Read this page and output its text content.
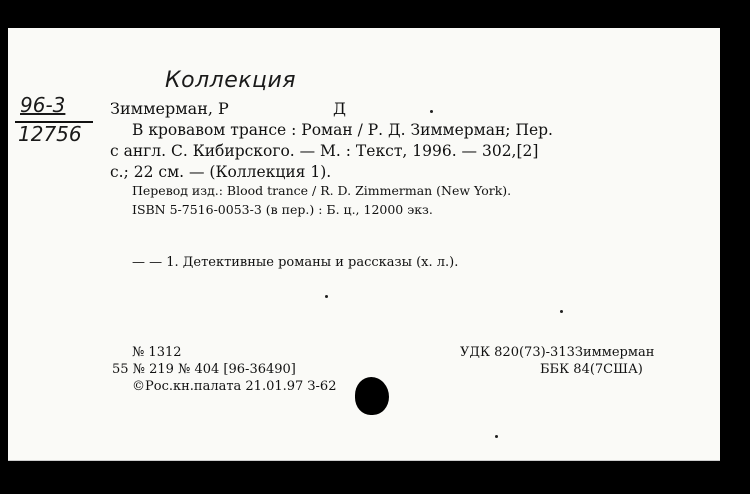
Коллекция
96-3
12756
Зиммерман, Р	Д
В кровавом трансе : Роман / Р. Д. Зиммерман; Пер.
с англ. С. Кибирского. — М. : Текст, 1996. — 302,[2]
с.; 22 см. — (Коллекция 1).
Перевод изд.: Blood trance / R. D. Zimmerman (New York).
ISBN 5-7516-0053-3 (в пер.) : Б. ц., 12000 экз.
— — 1. Детективные романы и рассказы (х. л.).
№ 1312
55 № 219 № 404 [96-36490]
©Рос.кн.палата 21.01.97 З-62
УДК 820(73)-313Зиммерман
ББК 84(7США)
